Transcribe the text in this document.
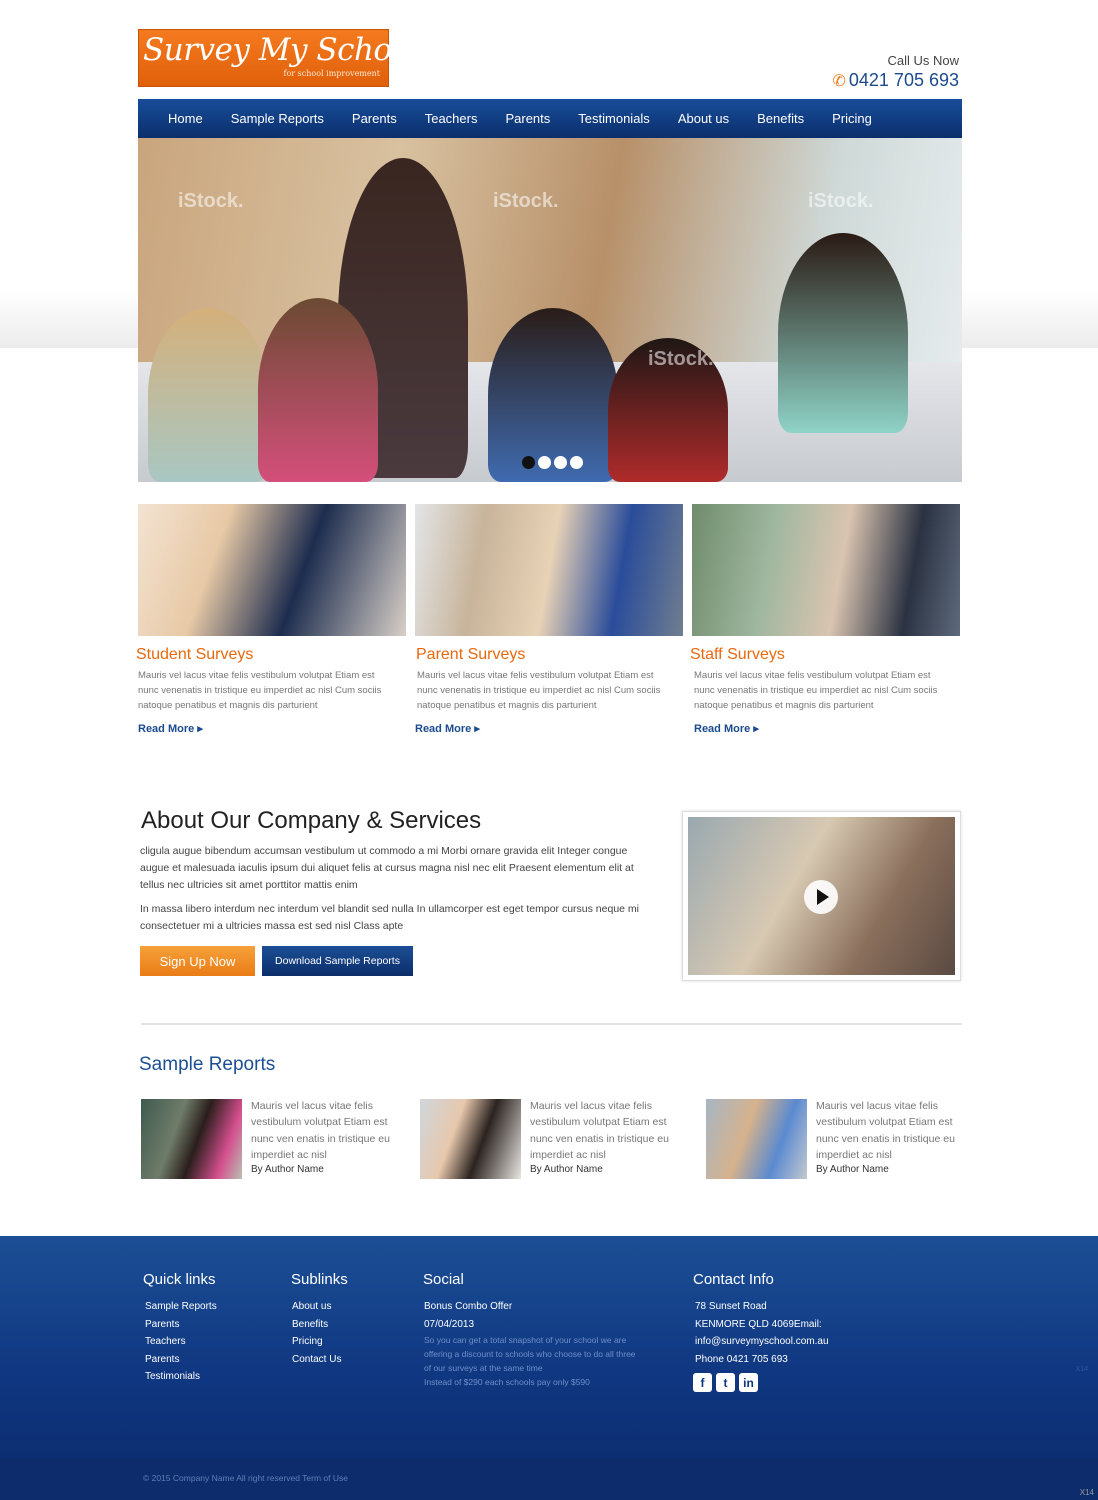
Survey My School
for school improvement
Call Us Now
✆ 0421 705 693
Home	Sample Reports	Parents	Teachers	Parents	Testimonials	About us	Benefits	Pricing
iStock.	iStock.	iStock.
iStock.
Student Surveys
Mauris vel lacus vitae felis vestibulum volutpat Etiam est nunc venenatis in tristique eu imperdiet ac nisl Cum sociis natoque penatibus et magnis dis parturient
Read More ▸
Parent Surveys
Mauris vel lacus vitae felis vestibulum volutpat Etiam est nunc venenatis in tristique eu imperdiet ac nisl Cum sociis natoque penatibus et magnis dis parturient
Read More ▸
Staff Surveys
Mauris vel lacus vitae felis vestibulum volutpat Etiam est nunc venenatis in tristique eu imperdiet ac nisl Cum sociis natoque penatibus et magnis dis parturient
Read More ▸
About Our Company & Services
cligula augue bibendum accumsan vestibulum ut commodo a mi Morbi ornare gravida elit Integer congue augue et malesuada iaculis ipsum dui aliquet felis at cursus magna nisl nec elit Praesent elementum elit at tellus nec ultricies sit amet porttitor mattis enim
In massa libero interdum nec interdum vel blandit sed nulla In ullamcorper est eget tempor cursus neque mi consectetuer mi a ultricies massa est sed nisl Class apte
Sign Up Now	Download Sample Reports
Sample Reports
Mauris vel lacus vitae felis vestibulum volutpat Etiam est nunc ven enatis in tristique eu imperdiet ac nisl
By Author Name
Mauris vel lacus vitae felis vestibulum volutpat Etiam est nunc ven enatis in tristique eu imperdiet ac nisl
By Author Name
Mauris vel lacus vitae felis vestibulum volutpat Etiam est nunc ven enatis in tristique eu imperdiet ac nisl
By Author Name
Quick links
Sample Reports
Parents
Teachers
Parents
Testimonials
Sublinks
About us
Benefits
Pricing
Contact Us
Social
Bonus Combo Offer
07/04/2013
So you can get a total snapshot of your school we are
offering a discount to schools who choose to do all three
of our surveys at the same time
Instead of $290 each schools pay only $590
Contact Info
78 Sunset Road
KENMORE QLD 4069Email:
info@surveymyschool.com.au
Phone 0421 705 693
f	t	in
© 2015 Company Name All right reserved Term of Use
X14
X14
